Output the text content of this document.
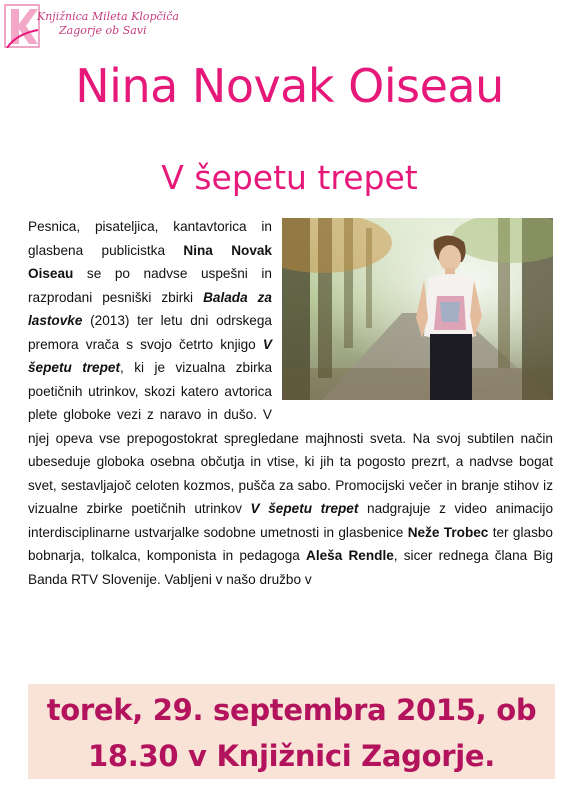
Knjižnica Mileta Klopčiča
Zagorje ob Savi
Nina Novak Oiseau
V šepetu trepet
Pesnica, pisateljica, kantavtorica in glasbena publicistka Nina Novak Oiseau se po nadvse uspešni in razprodani pesniški zbirki Balada za lastovke (2013) ter letu dni odrskega premora vrača s svojo četrto knjigo V šepetu trepet, ki je vizualna zbirka poetičnih utrinkov, skozi katero avtorica plete globoke vezi z naravo in dušo. V njej opeva vse prepogostokrat spregledane majhnosti sveta. Na svoj subtilen način ubeseduje globoka osebna občutja in vtise, ki jih ta pogosto prezrt, a nadvse bogat svet, sestavljajoč celoten kozmos, pušča za sabo. Promocijski večer in branje stihov iz vizualne zbirke poetičnih utrinkov V šepetu trepet nadgrajuje z video animacijo interdisciplinarne ustvarjalke sodobne umetnosti in glasbenice Neže Trobec ter glasbo bobnarja, tolkalca, komponista in pedagoga Aleša Rendle, sicer rednega člana Big Banda RTV Slovenije. Vabljeni v našo družbo v
torek, 29. septembra 2015, ob
18.30 v Knjižnici Zagorje.
